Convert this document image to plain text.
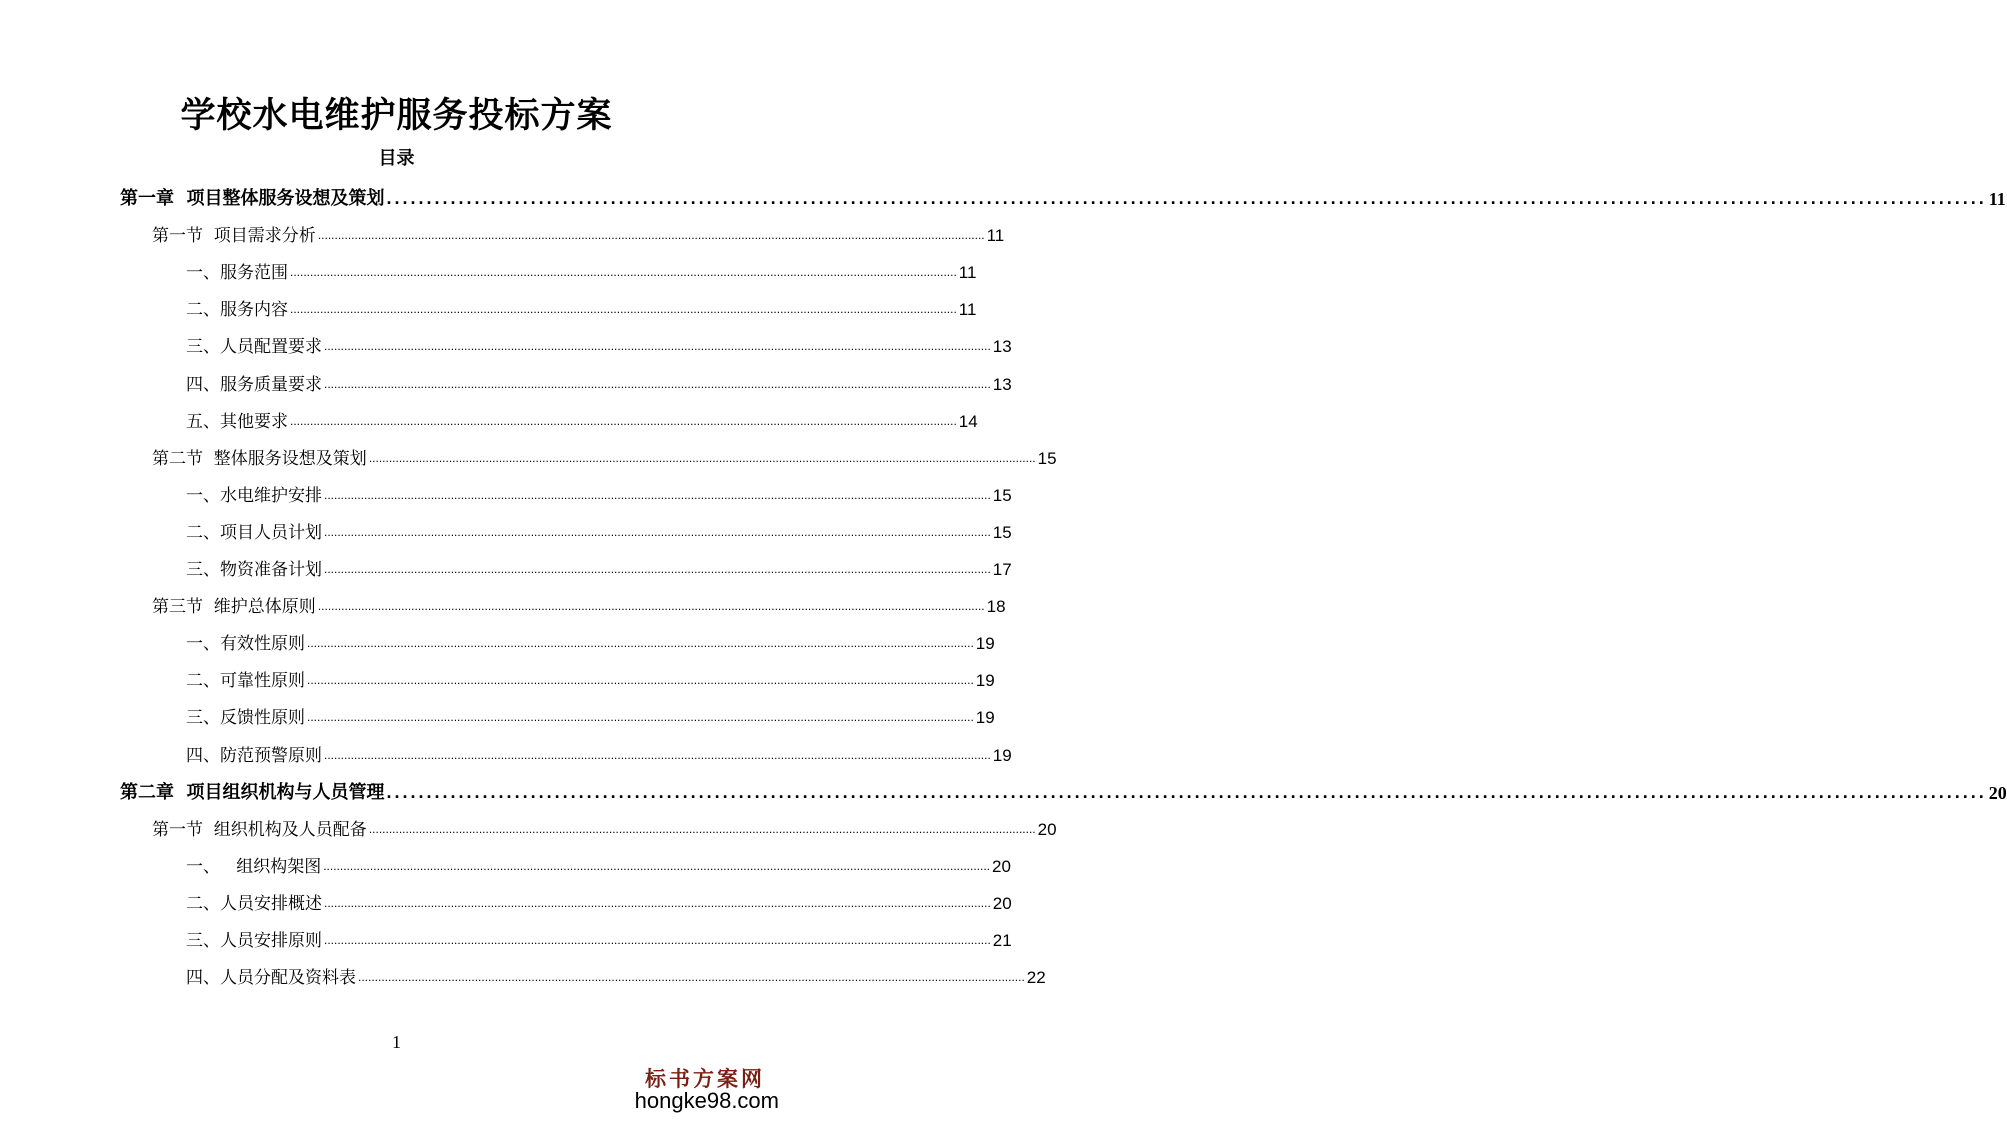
学校水电维护服务投标方案
目录
第一章  项目整体服务设想及策划 ........................................................................................................................................................................................................ 11
第一节  项目需求分析 ........................................................................................................................................................................................................ 11
一、服务范围 ........................................................................................................................................................................................................ 11
二、服务内容 ........................................................................................................................................................................................................ 11
三、人员配置要求 ........................................................................................................................................................................................................ 13
四、服务质量要求 ........................................................................................................................................................................................................ 13
五、其他要求 ........................................................................................................................................................................................................ 14
第二节  整体服务设想及策划 ........................................................................................................................................................................................................ 15
一、水电维护安排 ........................................................................................................................................................................................................ 15
二、项目人员计划 ........................................................................................................................................................................................................ 15
三、物资准备计划 ........................................................................................................................................................................................................ 17
第三节  维护总体原则 ........................................................................................................................................................................................................ 18
一、有效性原则 ........................................................................................................................................................................................................ 19
二、可靠性原则 ........................................................................................................................................................................................................ 19
三、反馈性原则 ........................................................................................................................................................................................................ 19
四、防范预警原则 ........................................................................................................................................................................................................ 19
第二章  项目组织机构与人员管理 ........................................................................................................................................................................................................ 20
第一节  组织机构及人员配备 ........................................................................................................................................................................................................ 20
一、   组织构架图 ........................................................................................................................................................................................................ 20
二、人员安排概述 ........................................................................................................................................................................................................ 20
三、人员安排原则 ........................................................................................................................................................................................................ 21
四、人员分配及资料表 ........................................................................................................................................................................................................ 22
1
标书方案网
hongke98.com
